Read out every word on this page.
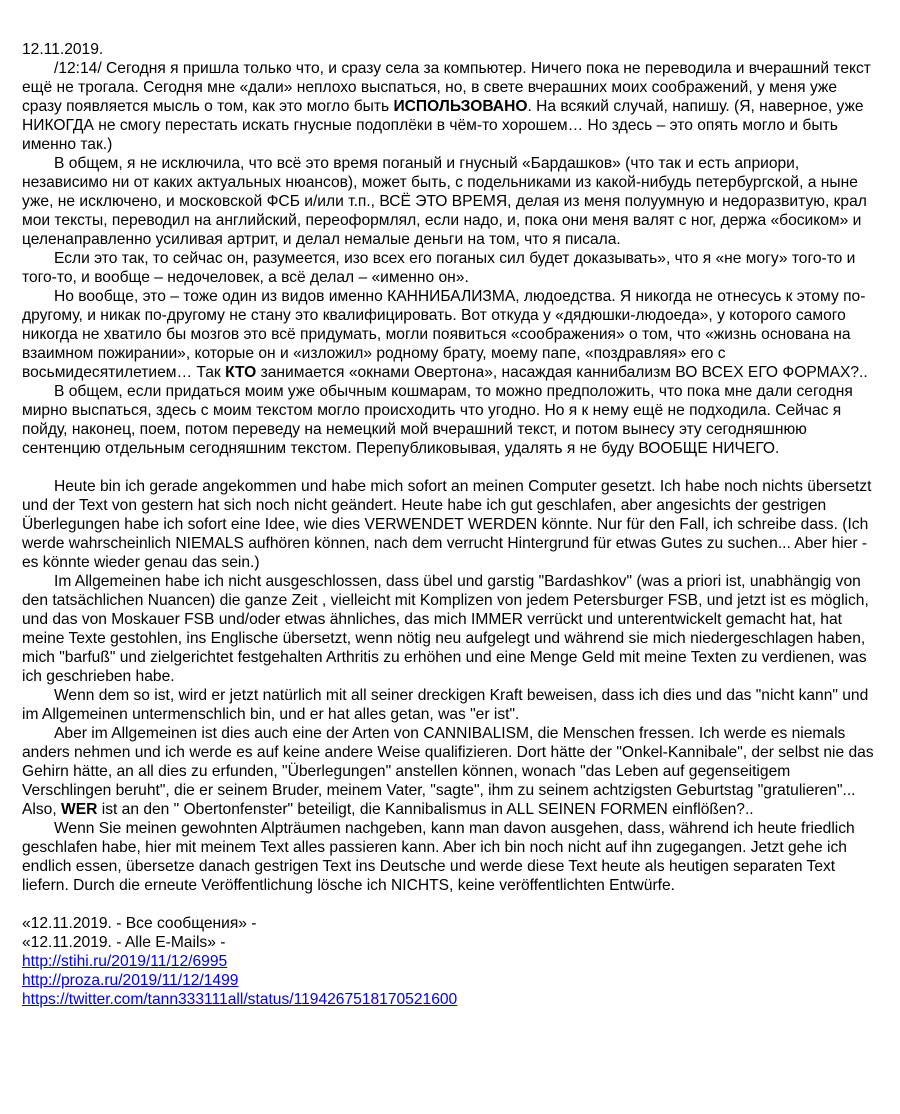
12.11.2019.

/12:14/ Сегодня я пришла только что, и сразу села за компьютер. Ничего пока не переводила и вчерашний текст ещё не трогала. Сегодня мне «дали» неплохо выспаться, но, в свете вчерашних моих соображений, у меня уже сразу появляется мысль о том, как это могло быть ИСПОЛЬЗОВАНО. На всякий случай, напишу. (Я, наверное, уже НИКОГДА не смогу перестать искать гнусные подоплёки в чём-то хорошем… Но здесь – это опять могло и быть именно так.)

В общем, я не исключила, что всё это время поганый и гнусный «Бардашков» (что так и есть априори, независимо ни от каких актуальных нюансов), может быть, с подельниками из какой-нибудь петербургской, а ныне уже, не исключено, и московской ФСБ и/или т.п., ВСЁ ЭТО ВРЕМЯ, делая из меня полуумную и недоразвитую, крал мои тексты, переводил на английский, переоформлял, если надо, и, пока они меня валят с ног, держа «босиком» и целенаправленно усиливая артрит, и делал немалые деньги на том, что я писала.

Если это так, то сейчас он, разумеется, изо всех его поганых сил будет доказывать», что я «не могу» того-то и того-то, и вообще – недочеловек, а всё делал – «именно он».

Но вообще, это – тоже один из видов именно КАННИБАЛИЗМА, людоедства. Я никогда не отнесусь к этому по-другому, и никак по-другому не стану это квалифицировать. Вот откуда у «дядюшки-людоеда», у которого самого никогда не хватило бы мозгов это всё придумать, могли появиться «соображения» о том, что «жизнь основана на взаимном пожирании», которые он и «изложил» родному брату, моему папе, «поздравляя» его с восьмидесятилетием… Так КТО занимается «окнами Овертона», насаждая каннибализм ВО ВСЕХ ЕГО ФОРМАХ?..

В общем, если придаться моим уже обычным кошмарам, то можно предположить, что пока мне дали сегодня мирно выспаться, здесь с моим текстом могло происходить что угодно. Но я к нему ещё не подходила. Сейчас я пойду, наконец, поем, потом переведу на немецкий мой вчерашний текст, и потом вынесу эту сегодняшнюю сентенцию отдельным сегодняшним текстом. Перепубликовывая, удалять я не буду ВООБЩЕ НИЧЕГО.

Heute bin ich gerade angekommen und habe mich sofort an meinen Computer gesetzt. Ich habe noch nichts übersetzt und der Text von gestern hat sich noch nicht geändert. Heute habe ich gut geschlafen, aber angesichts der gestrigen Überlegungen habe ich sofort eine Idee, wie dies VERWENDET WERDEN könnte. Nur für den Fall, ich schreibe dass. (Ich werde wahrscheinlich NIEMALS aufhören können, nach dem verrucht Hintergrund für etwas Gutes zu suchen... Aber hier - es könnte wieder genau das sein.)

Im Allgemeinen habe ich nicht ausgeschlossen, dass übel und garstig "Bardashkov" (was a priori ist, unabhängig von den tatsächlichen Nuancen) die ganze Zeit , vielleicht mit Komplizen von jedem Petersburger FSB, und jetzt ist es möglich, und das von Moskauer FSB und/oder etwas ähnliches, das mich IMMER verrückt und unterentwickelt gemacht hat, hat meine Texte gestohlen, ins Englische übersetzt, wenn nötig neu aufgelegt und während sie mich niedergeschlagen haben, mich "barfuß" und zielgerichtet festgehalten Arthritis zu erhöhen und eine Menge Geld mit meine Texten zu verdienen, was ich geschrieben habe.

Wenn dem so ist, wird er jetzt natürlich mit all seiner dreckigen Kraft beweisen, dass ich dies und das "nicht kann" und im Allgemeinen untermenschlich bin, und er hat alles getan, was "er ist".

Aber im Allgemeinen ist dies auch eine der Arten von CANNIBALISM, die Menschen fressen. Ich werde es niemals anders nehmen und ich werde es auf keine andere Weise qualifizieren. Dort hätte der "Onkel-Kannibale", der selbst nie das Gehirn hätte, an all dies zu erfunden, "Überlegungen" anstellen können, wonach "das Leben auf gegenseitigem Verschlingen beruht", die er seinem Bruder, meinem Vater, "sagte", ihm zu seinem achtzigsten Geburtstag "gratulieren"... Also, WER ist an den " Obertonfenster" beteiligt, die Kannibalismus in ALL SEINEN FORMEN einflößen?..

Wenn Sie meinen gewohnten Alpträumen nachgeben, kann man davon ausgehen, dass, während ich heute friedlich geschlafen habe, hier mit meinem Text alles passieren kann. Aber ich bin noch nicht auf ihn zugegangen. Jetzt gehe ich endlich essen, übersetze danach gestrigen Text ins Deutsche und werde diese Text heute als heutigen separaten Text liefern. Durch die erneute Veröffentlichung lösche ich NICHTS, keine veröffentlichten Entwürfe.

«12.11.2019. - Все сообщения» -

«12.11.2019. - Alle E-Mails» -

http://stihi.ru/2019/11/12/6995
http://proza.ru/2019/11/12/1499
https://twitter.com/tann333111all/status/1194267518170521600
